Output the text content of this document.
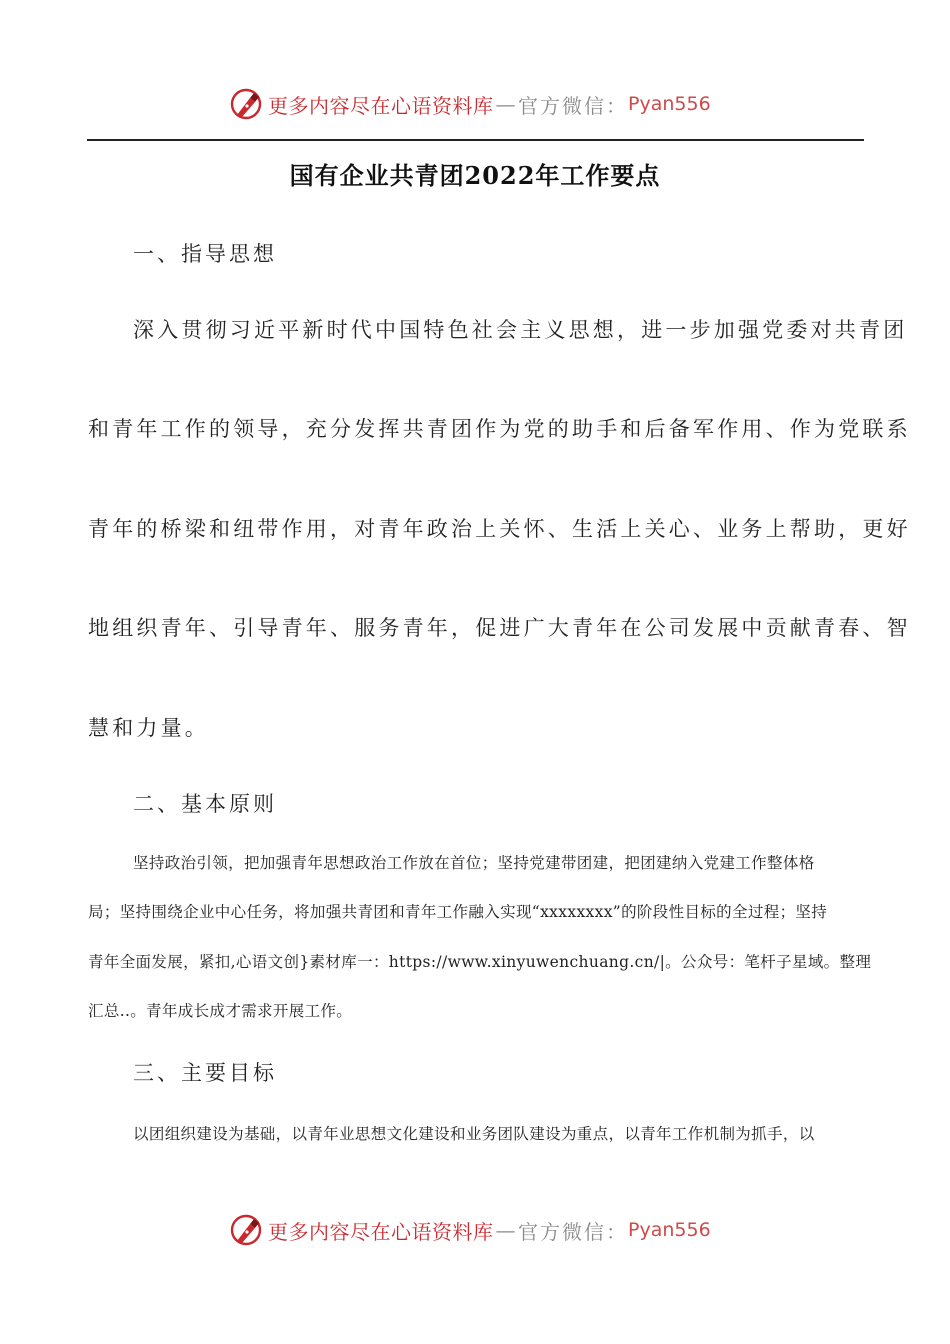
更多内容尽在心语资料库 — 官方微信： Pyan556
国有企业共青团2022年工作要点
一、指导思想
深入贯彻习近平新时代中国特色社会主义思想，进一步加强党委对共青团
和青年工作的领导，充分发挥共青团作为党的助手和后备军作用、作为党联系
青年的桥梁和纽带作用，对青年政治上关怀、生活上关心、业务上帮助，更好
地组织青年、引导青年、服务青年，促进广大青年在公司发展中贡献青春、智
慧和力量。
二、基本原则
坚持政治引领，把加强青年思想政治工作放在首位；坚持党建带团建，把团建纳入党建工作整体格
局；坚持围绕企业中心任务，将加强共青团和青年工作融入实现“xxxxxxxx”的阶段性目标的全过程；坚持
青年全面发展，紧扣,心语文创}素材库一：https://www.xinyuwenchuang.cn/|。公众号：笔杆子星域。整理
汇总..。青年成长成才需求开展工作。
三、主要目标
以团组织建设为基础，以青年业思想文化建设和业务团队建设为重点，以青年工作机制为抓手，以
更多内容尽在心语资料库 — 官方微信： Pyan556
